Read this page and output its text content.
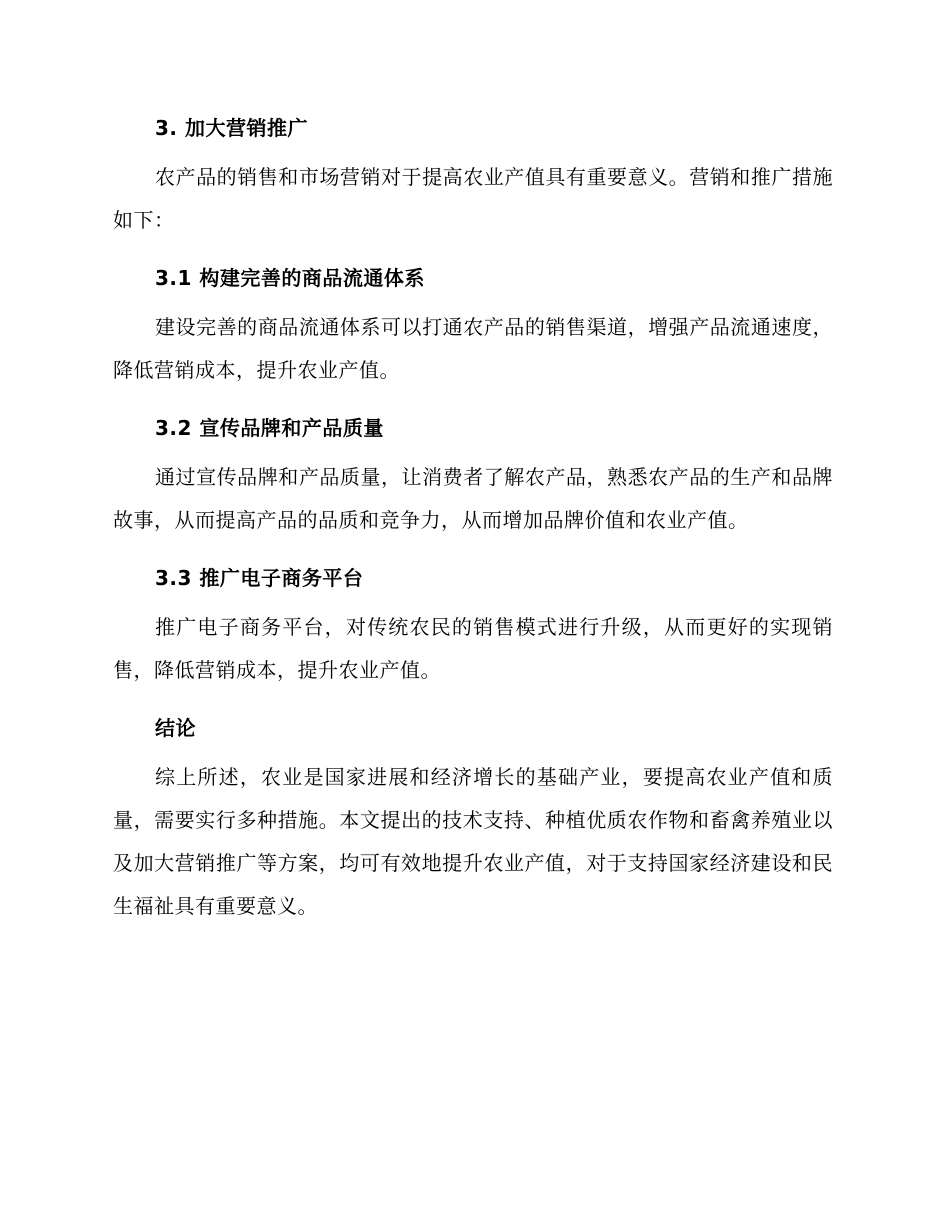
3. 加大营销推广

农产品的销售和市场营销对于提高农业产值具有重要意义。营销和推广措施如下：

3.1 构建完善的商品流通体系

建设完善的商品流通体系可以打通农产品的销售渠道，增强产品流通速度，降低营销成本，提升农业产值。

3.2 宣传品牌和产品质量

通过宣传品牌和产品质量，让消费者了解农产品，熟悉农产品的生产和品牌故事，从而提高产品的品质和竞争力，从而增加品牌价值和农业产值。

3.3 推广电子商务平台

推广电子商务平台，对传统农民的销售模式进行升级，从而更好的实现销售，降低营销成本，提升农业产值。

结论

综上所述，农业是国家进展和经济增长的基础产业，要提高农业产值和质量，需要实行多种措施。本文提出的技术支持、种植优质农作物和畜禽养殖业以及加大营销推广等方案，均可有效地提升农业产值，对于支持国家经济建设和民生福祉具有重要意义。
